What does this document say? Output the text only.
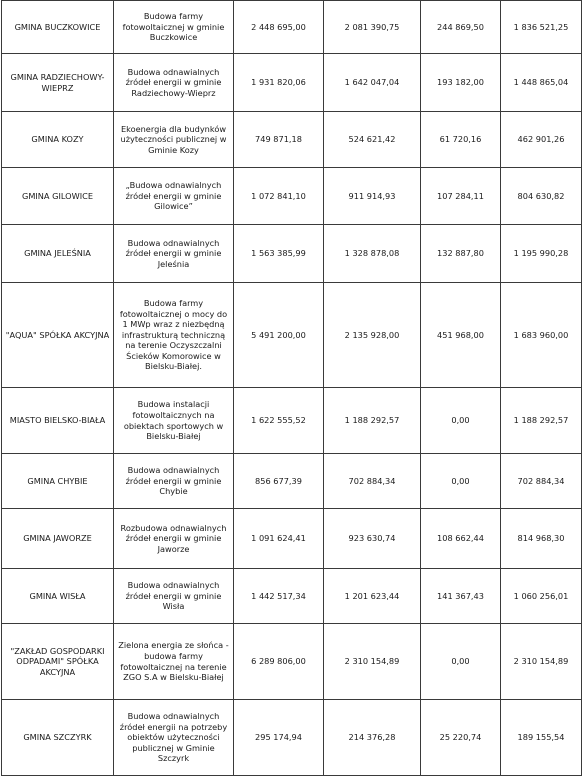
GMINA BUCZKOWICE	Budowa farmy fotowoltaicznej w gminie Buczkowice	2 448 695,00	2 081 390,75	244 869,50	1 836 521,25
GMINA RADZIECHOWY-WIEPRZ	Budowa odnawialnych źródeł energii w gminie Radziechowy-Wieprz	1 931 820,06	1 642 047,04	193 182,00	1 448 865,04
GMINA KOZY	Ekoenergia dla budynków użyteczności publicznej w Gminie Kozy	749 871,18	524 621,42	61 720,16	462 901,26
GMINA GILOWICE	„Budowa odnawialnych źródeł energii w gminie Gilowice”	1 072 841,10	911 914,93	107 284,11	804 630,82
GMINA JELEŚNIA	Budowa odnawialnych źródeł energii w gminie Jeleśnia	1 563 385,99	1 328 878,08	132 887,80	1 195 990,28
"AQUA" SPÓŁKA AKCYJNA	Budowa farmy fotowoltaicznej o mocy do 1 MWp wraz z niezbędną infrastrukturą techniczną na terenie Oczyszczalni Ścieków Komorowice w Bielsku-Białej.	5 491 200,00	2 135 928,00	451 968,00	1 683 960,00
MIASTO BIELSKO-BIAŁA	Budowa instalacji fotowoltaicznych na obiektach sportowych w Bielsku-Białej	1 622 555,52	1 188 292,57	0,00	1 188 292,57
GMINA CHYBIE	Budowa odnawialnych źródeł energii w gminie Chybie	856 677,39	702 884,34	0,00	702 884,34
GMINA JAWORZE	Rozbudowa odnawialnych źródeł energii w gminie Jaworze	1 091 624,41	923 630,74	108 662,44	814 968,30
GMINA WISŁA	Budowa odnawialnych źródeł energii w gminie Wisła	1 442 517,34	1 201 623,44	141 367,43	1 060 256,01
"ZAKŁAD GOSPODARKI ODPADAMI" SPÓŁKA AKCYJNA	Zielona energia ze słońca - budowa farmy fotowoltaicznej na terenie ZGO S.A w Bielsku-Białej	6 289 806,00	2 310 154,89	0,00	2 310 154,89
GMINA SZCZYRK	Budowa odnawialnych źródeł energii na potrzeby obiektów użyteczności publicznej w Gminie Szczyrk	295 174,94	214 376,28	25 220,74	189 155,54
